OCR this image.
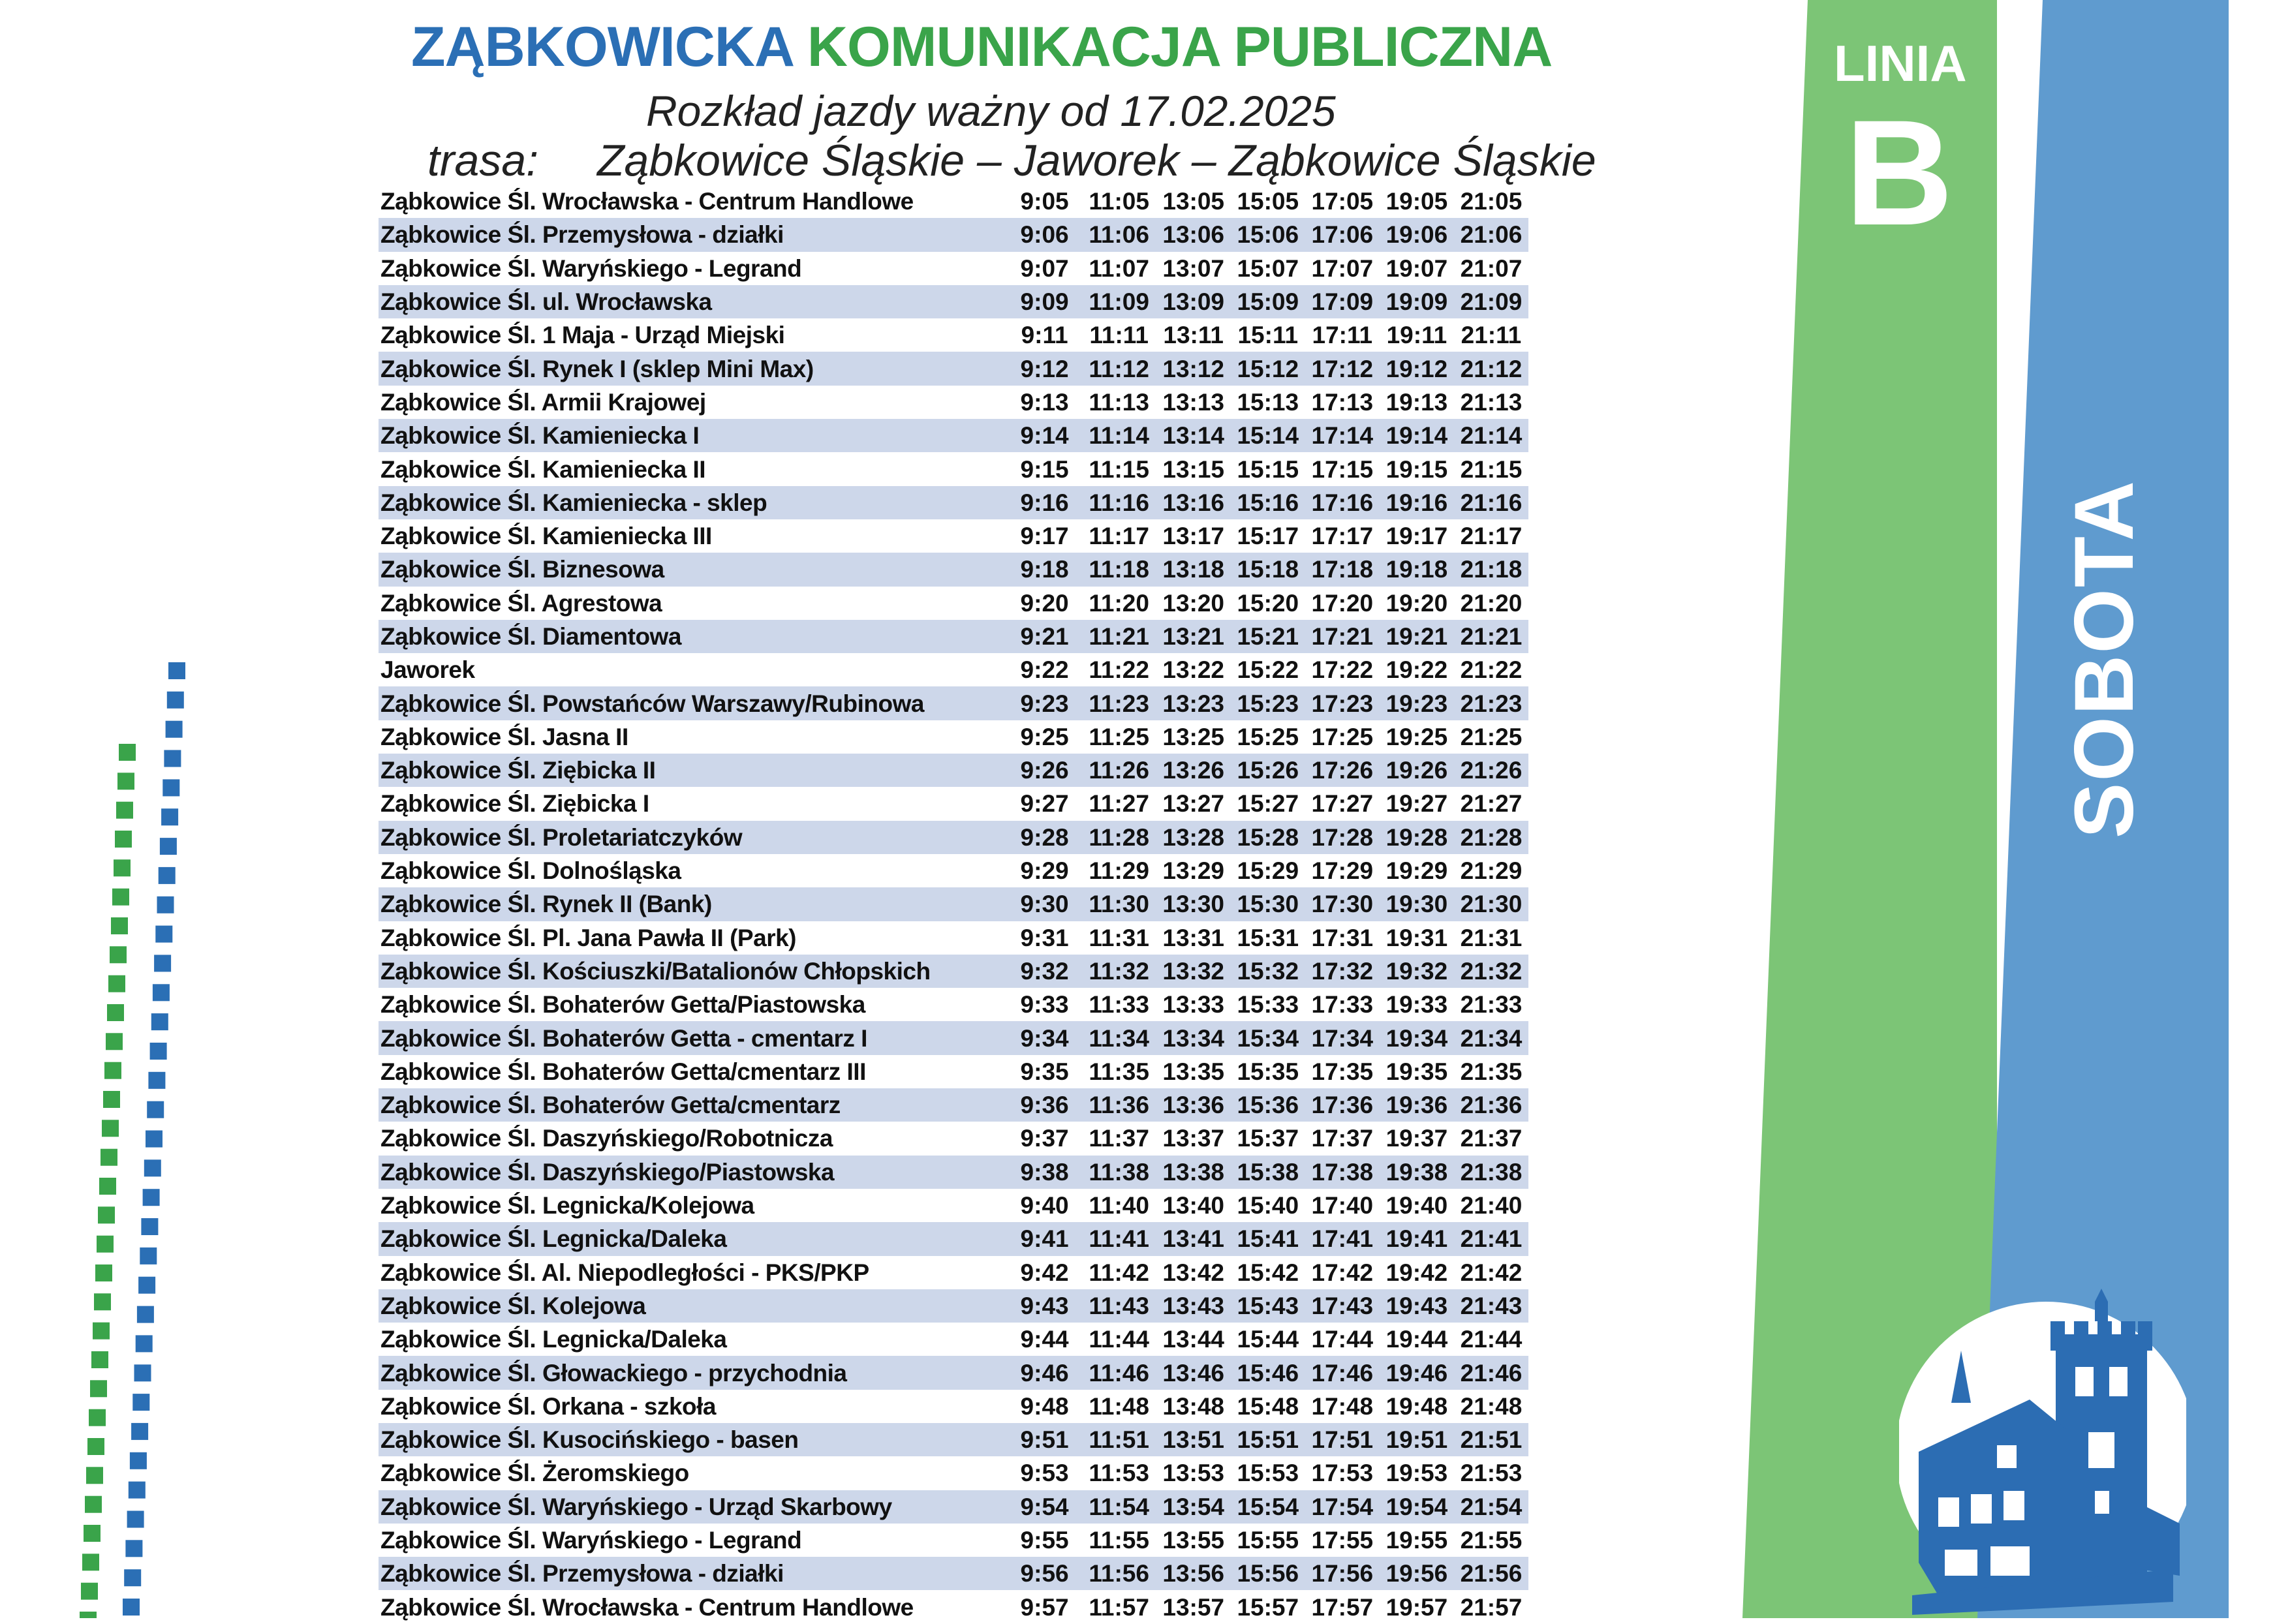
ZĄBKOWICKA KOMUNIKACJA PUBLICZNA
Rozkład jazdy ważny od 17.02.2025
trasa: Ząbkowice Śląskie – Jaworek – Ząbkowice Śląskie
Ząbkowice Śl. Wrocławska - Centrum Handlowe	9:05	11:05	13:05	15:05	17:05	19:05	21:05
Ząbkowice Śl. Przemysłowa - działki	9:06	11:06	13:06	15:06	17:06	19:06	21:06
Ząbkowice Śl. Waryńskiego - Legrand	9:07	11:07	13:07	15:07	17:07	19:07	21:07
Ząbkowice Śl. ul. Wrocławska	9:09	11:09	13:09	15:09	17:09	19:09	21:09
Ząbkowice Śl. 1 Maja - Urząd Miejski	9:11	11:11	13:11	15:11	17:11	19:11	21:11
Ząbkowice Śl. Rynek I (sklep Mini Max)	9:12	11:12	13:12	15:12	17:12	19:12	21:12
Ząbkowice Śl. Armii Krajowej	9:13	11:13	13:13	15:13	17:13	19:13	21:13
Ząbkowice Śl. Kamieniecka I	9:14	11:14	13:14	15:14	17:14	19:14	21:14
Ząbkowice Śl. Kamieniecka II	9:15	11:15	13:15	15:15	17:15	19:15	21:15
Ząbkowice Śl. Kamieniecka - sklep	9:16	11:16	13:16	15:16	17:16	19:16	21:16
Ząbkowice Śl. Kamieniecka III	9:17	11:17	13:17	15:17	17:17	19:17	21:17
Ząbkowice Śl. Biznesowa	9:18	11:18	13:18	15:18	17:18	19:18	21:18
Ząbkowice Śl. Agrestowa	9:20	11:20	13:20	15:20	17:20	19:20	21:20
Ząbkowice Śl. Diamentowa	9:21	11:21	13:21	15:21	17:21	19:21	21:21
Jaworek	9:22	11:22	13:22	15:22	17:22	19:22	21:22
Ząbkowice Śl. Powstańców Warszawy/Rubinowa	9:23	11:23	13:23	15:23	17:23	19:23	21:23
Ząbkowice Śl. Jasna II	9:25	11:25	13:25	15:25	17:25	19:25	21:25
Ząbkowice Śl. Ziębicka II	9:26	11:26	13:26	15:26	17:26	19:26	21:26
Ząbkowice Śl. Ziębicka I	9:27	11:27	13:27	15:27	17:27	19:27	21:27
Ząbkowice Śl. Proletariatczyków	9:28	11:28	13:28	15:28	17:28	19:28	21:28
Ząbkowice Śl. Dolnośląska	9:29	11:29	13:29	15:29	17:29	19:29	21:29
Ząbkowice Śl. Rynek II (Bank)	9:30	11:30	13:30	15:30	17:30	19:30	21:30
Ząbkowice Śl. Pl. Jana Pawła II (Park)	9:31	11:31	13:31	15:31	17:31	19:31	21:31
Ząbkowice Śl. Kościuszki/Batalionów Chłopskich	9:32	11:32	13:32	15:32	17:32	19:32	21:32
Ząbkowice Śl. Bohaterów Getta/Piastowska	9:33	11:33	13:33	15:33	17:33	19:33	21:33
Ząbkowice Śl. Bohaterów Getta - cmentarz I	9:34	11:34	13:34	15:34	17:34	19:34	21:34
Ząbkowice Śl. Bohaterów Getta/cmentarz III	9:35	11:35	13:35	15:35	17:35	19:35	21:35
Ząbkowice Śl. Bohaterów Getta/cmentarz	9:36	11:36	13:36	15:36	17:36	19:36	21:36
Ząbkowice Śl. Daszyńskiego/Robotnicza	9:37	11:37	13:37	15:37	17:37	19:37	21:37
Ząbkowice Śl. Daszyńskiego/Piastowska	9:38	11:38	13:38	15:38	17:38	19:38	21:38
Ząbkowice Śl. Legnicka/Kolejowa	9:40	11:40	13:40	15:40	17:40	19:40	21:40
Ząbkowice Śl. Legnicka/Daleka	9:41	11:41	13:41	15:41	17:41	19:41	21:41
Ząbkowice Śl. Al. Niepodległości - PKS/PKP	9:42	11:42	13:42	15:42	17:42	19:42	21:42
Ząbkowice Śl. Kolejowa	9:43	11:43	13:43	15:43	17:43	19:43	21:43
Ząbkowice Śl. Legnicka/Daleka	9:44	11:44	13:44	15:44	17:44	19:44	21:44
Ząbkowice Śl. Głowackiego - przychodnia	9:46	11:46	13:46	15:46	17:46	19:46	21:46
Ząbkowice Śl. Orkana - szkoła	9:48	11:48	13:48	15:48	17:48	19:48	21:48
Ząbkowice Śl. Kusocińskiego - basen	9:51	11:51	13:51	15:51	17:51	19:51	21:51
Ząbkowice Śl. Żeromskiego	9:53	11:53	13:53	15:53	17:53	19:53	21:53
Ząbkowice Śl. Waryńskiego - Urząd Skarbowy	9:54	11:54	13:54	15:54	17:54	19:54	21:54
Ząbkowice Śl. Waryńskiego - Legrand	9:55	11:55	13:55	15:55	17:55	19:55	21:55
Ząbkowice Śl. Przemysłowa - działki	9:56	11:56	13:56	15:56	17:56	19:56	21:56
Ząbkowice Śl. Wrocławska - Centrum Handlowe	9:57	11:57	13:57	15:57	17:57	19:57	21:57
LINIA
B
SOBOTA
